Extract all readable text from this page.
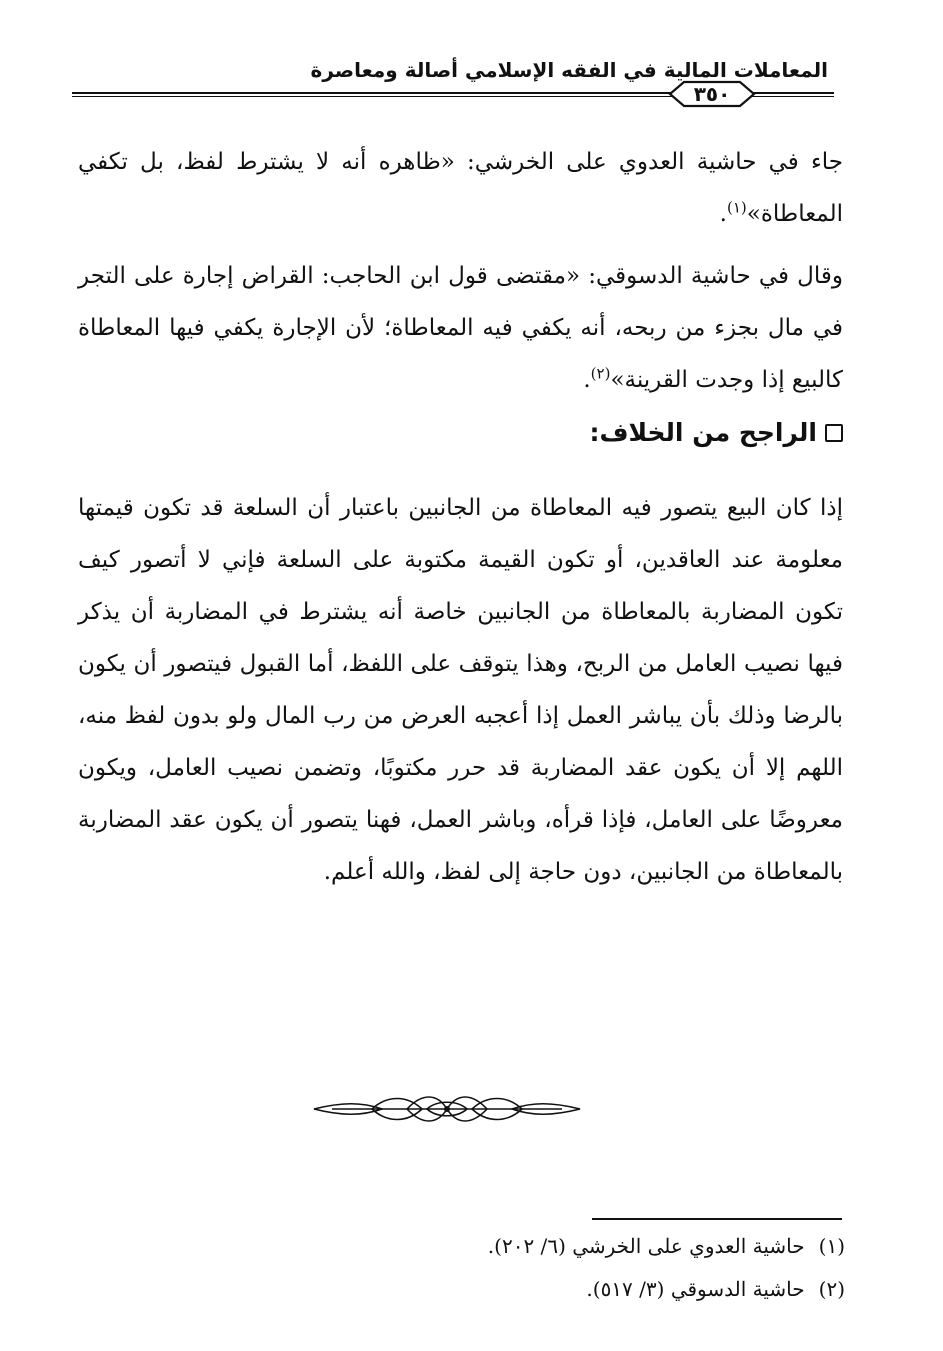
المعاملات المالية في الفقه الإسلامي أصالة ومعاصرة
٣٥٠

جاء في حاشية العدوي على الخرشي: «ظاهره أنه لا يشترط لفظ، بل تكفي المعاطاة»$^{(١)}$.

وقال في حاشية الدسوقي: «مقتضى قول ابن الحاجب: القراض إجارة على التجر في مال بجزء من ربحه، أنه يكفي فيه المعاطاة؛ لأن الإجارة يكفي فيها المعاطاة كالبيع إذا وجدت القرينة»$^{(٢)}$.

الراجح من الخلاف:

إذا كان البيع يتصور فيه المعاطاة من الجانبين باعتبار أن السلعة قد تكون قيمتها معلومة عند العاقدين، أو تكون القيمة مكتوبة على السلعة فإني لا أتصور كيف تكون المضاربة بالمعاطاة من الجانبين خاصة أنه يشترط في المضاربة أن يذكر فيها نصيب العامل من الربح، وهذا يتوقف على اللفظ، أما القبول فيتصور أن يكون بالرضا وذلك بأن يباشر العمل إذا أعجبه العرض من رب المال ولو بدون لفظ منه، اللهم إلا أن يكون عقد المضاربة قد حرر مكتوبًا، وتضمن نصيب العامل، ويكون معروضًا على العامل، فإذا قرأه، وباشر العمل، فهنا يتصور أن يكون عقد المضاربة بالمعاطاة من الجانبين، دون حاجة إلى لفظ، والله أعلم.

(١)حاشية العدوي على الخرشي (٦/ ٢٠٢).
(٢)حاشية الدسوقي (٣/ ٥١٧).
